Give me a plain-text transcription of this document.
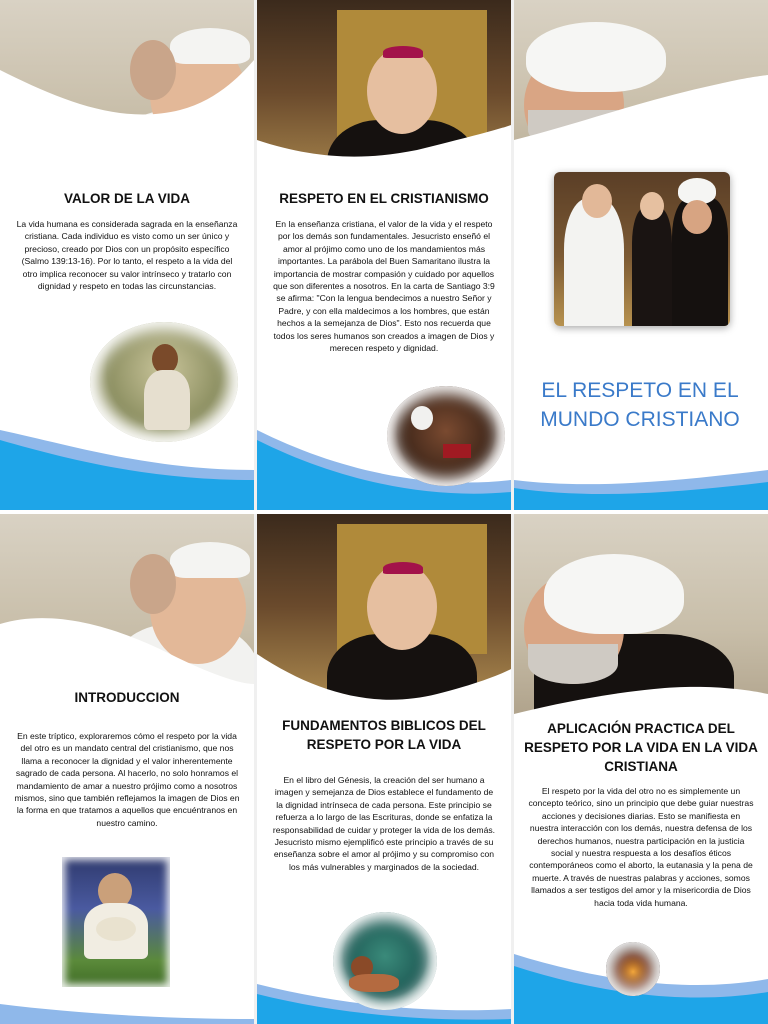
VALOR DE LA VIDA
La vida humana es considerada sagrada en la enseñanza cristiana. Cada individuo es visto como un ser único y precioso, creado por Dios con un propósito específico (Salmo 139:13-16). Por lo tanto, el respeto a la vida del otro implica reconocer su valor intrínseco y tratarlo con dignidad y respeto en todas las circunstancias.
RESPETO EN EL CRISTIANISMO
En la enseñanza cristiana, el valor de la vida y el respeto por los demás son fundamentales. Jesucristo enseñó el amor al prójimo como uno de los mandamientos más importantes. La parábola del Buen Samaritano ilustra la importancia de mostrar compasión y cuidado por aquellos que son diferentes a nosotros. En la carta de Santiago 3:9 se afirma: "Con la lengua bendecimos a nuestro Señor y Padre, y con ella maldecimos a los hombres, que están hechos a la semejanza de Dios". Esto nos recuerda que todos los seres humanos son creados a imagen de Dios y merecen respeto y dignidad.
EL RESPETO EN EL MUNDO CRISTIANO
INTRODUCCION
En este tríptico, exploraremos cómo el respeto por la vida del otro es un mandato central del cristianismo, que nos llama a reconocer la dignidad y el valor inherentemente sagrado de cada persona. Al hacerlo, no solo honramos el mandamiento de amar a nuestro prójimo como a nosotros mismos, sino que también reflejamos la imagen de Dios en la forma en que tratamos a aquellos que encuéntranos en nuestro camino.
FUNDAMENTOS BIBLICOS DEL RESPETO POR LA VIDA
En el libro del Génesis, la creación del ser humano a imagen y semejanza de Dios establece el fundamento de la dignidad intrínseca de cada persona. Este principio se refuerza a lo largo de las Escrituras, donde se enfatiza la responsabilidad de cuidar y proteger la vida de los demás. Jesucristo mismo ejemplificó este principio a través de su enseñanza sobre el amor al prójimo y su compromiso con los más vulnerables y marginados de la sociedad.
APLICACIÓN PRACTICA DEL RESPETO POR LA VIDA EN LA VIDA CRISTIANA
El respeto por la vida del otro no es simplemente un concepto teórico, sino un principio que debe guiar nuestras acciones y decisiones diarias. Esto se manifiesta en nuestra interacción con los demás, nuestra defensa de los derechos humanos, nuestra participación en la justicia social y nuestra respuesta a los desafíos éticos contemporáneos como el aborto, la eutanasia y la pena de muerte. A través de nuestras palabras y acciones, somos llamados a ser testigos del amor y la misericordia de Dios hacia toda vida humana.
